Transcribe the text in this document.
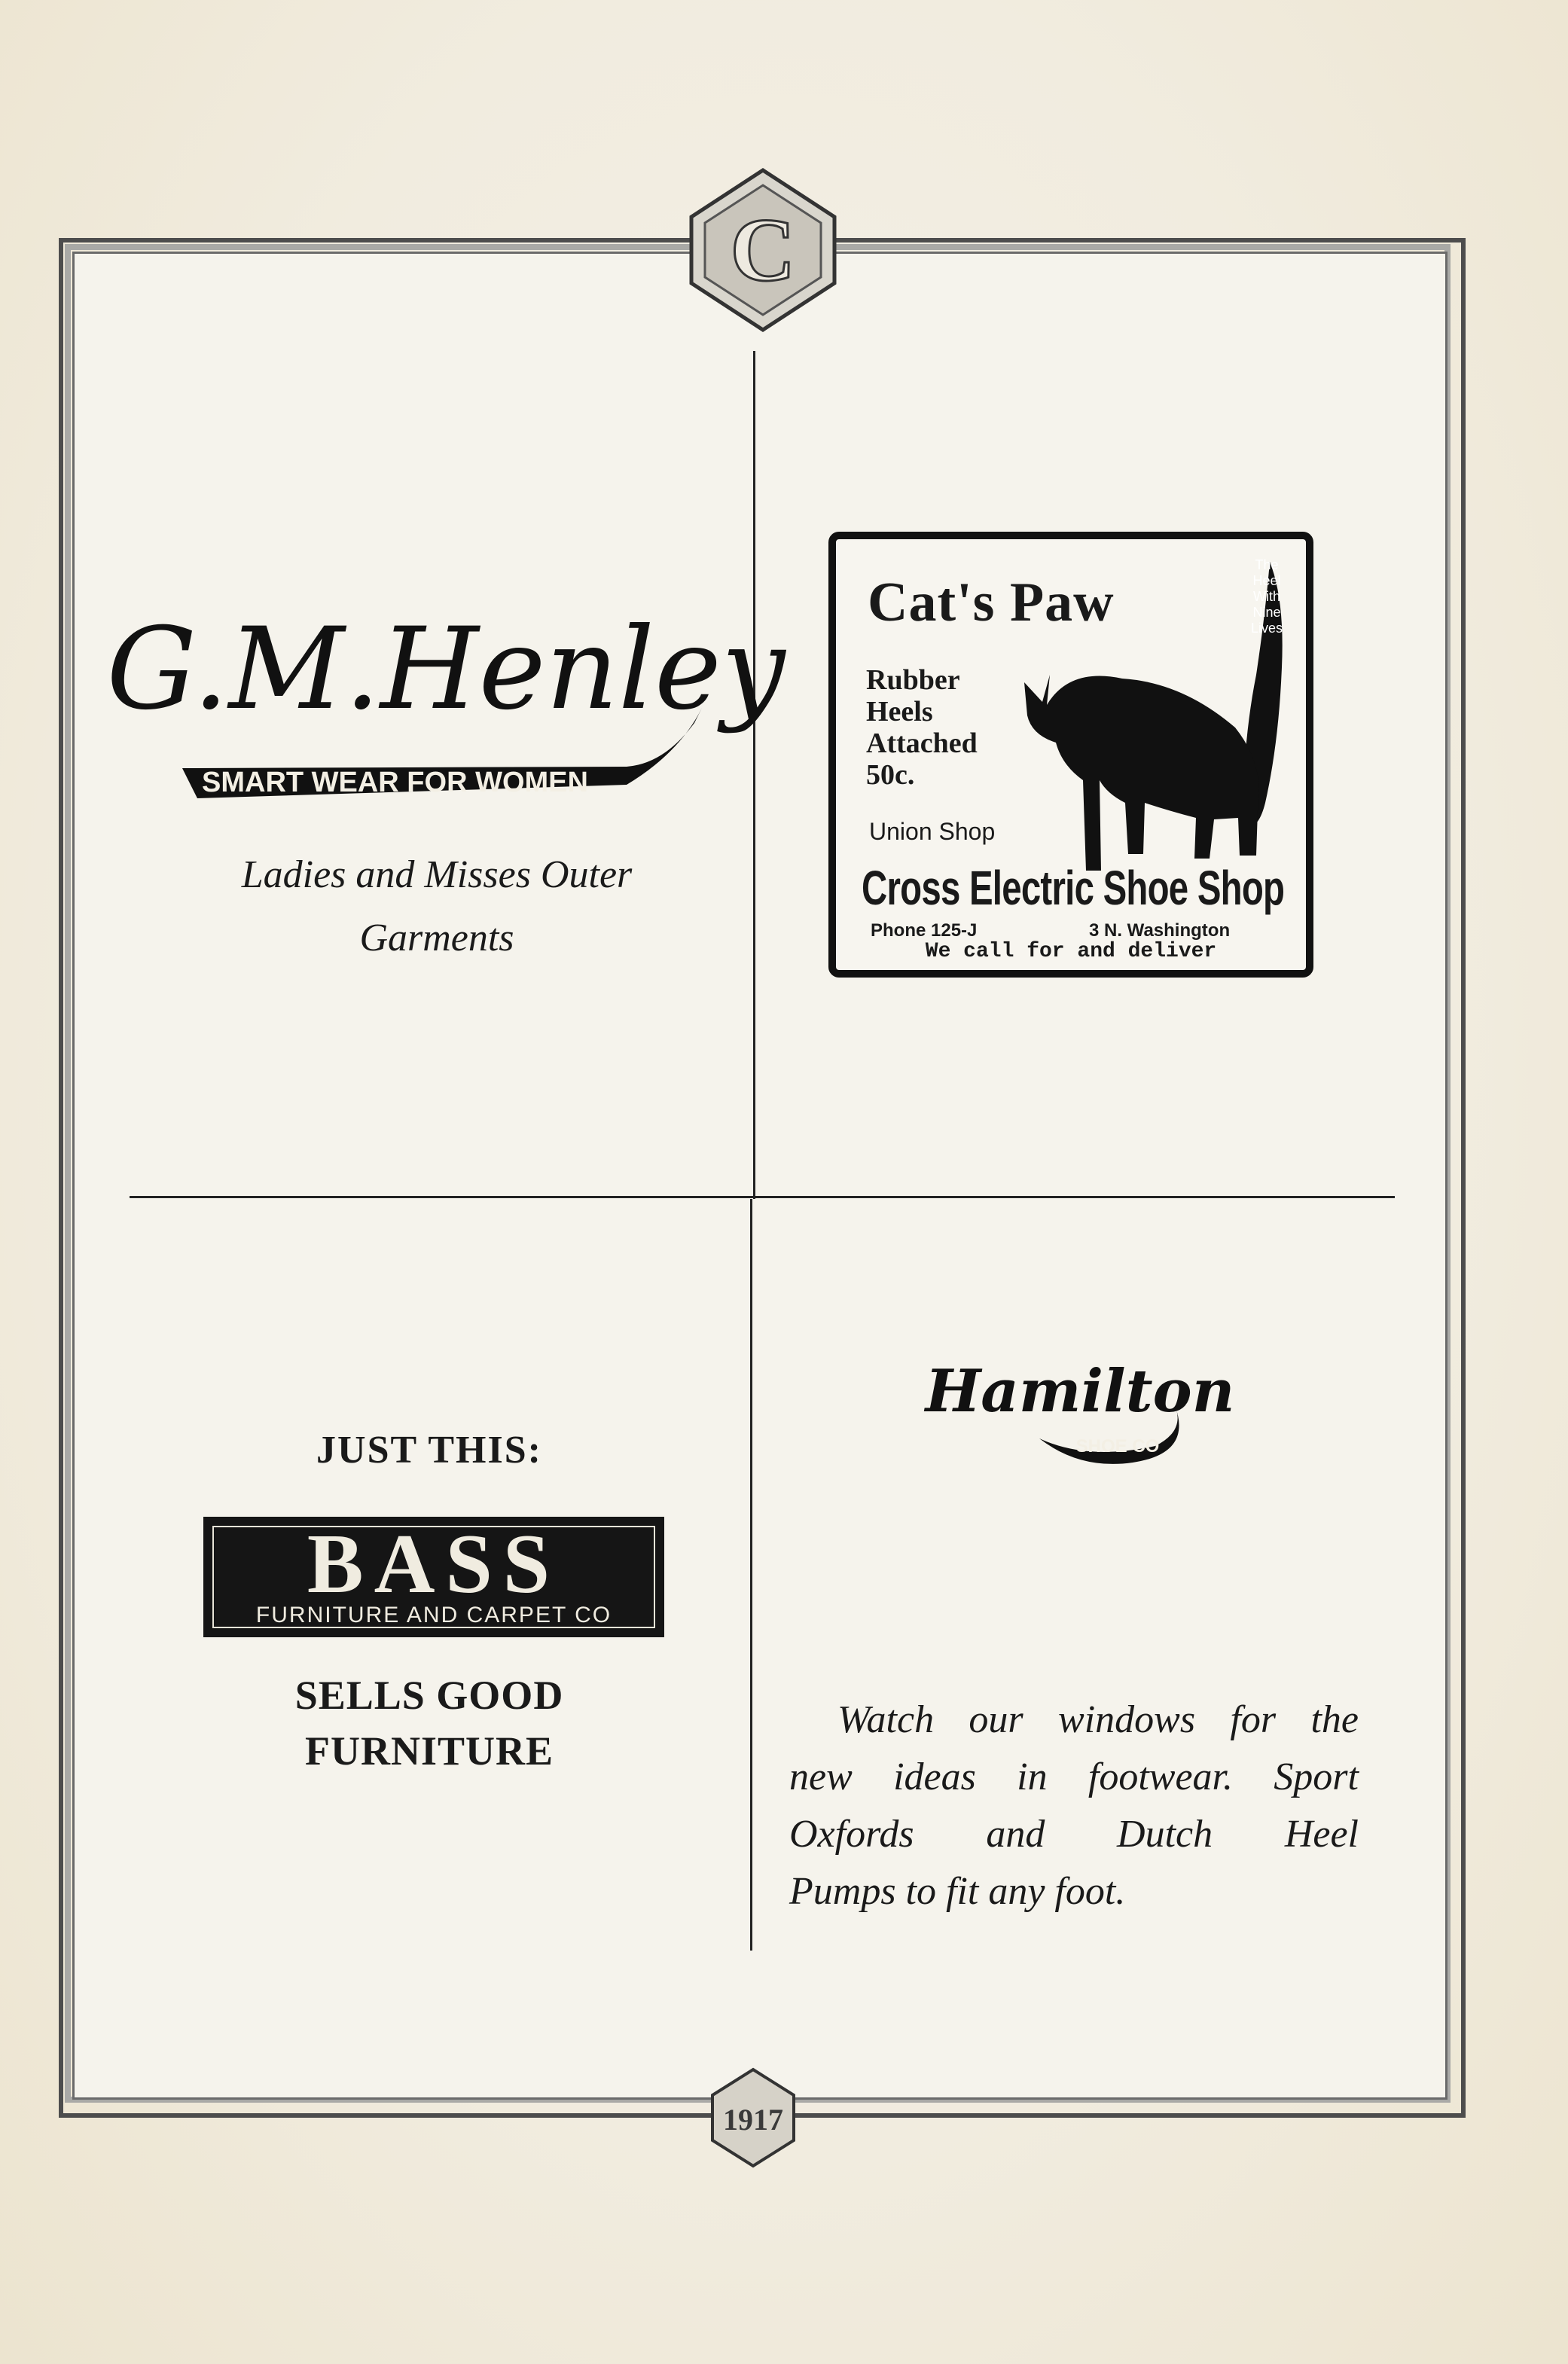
C
1917
G.M.Henley
SMART WEAR FOR WOMEN
Ladies and Misses Outer
Garments
The
Heel
With
Nine
Lives
Cat's Paw
Rubber
Heels
Attached
50c.
Union Shop
Cross Electric Shoe Shop
Phone 125-J	3 N. Washington
We call for and deliver
JUST THIS:
BASS
FURNITURE AND CARPET CO
SELLS GOOD
FURNITURE
Hamilton
SHOE CO
Watch our windows for the
new ideas in footwear. Sport
Oxfords and Dutch Heel
Pumps to fit any foot.
